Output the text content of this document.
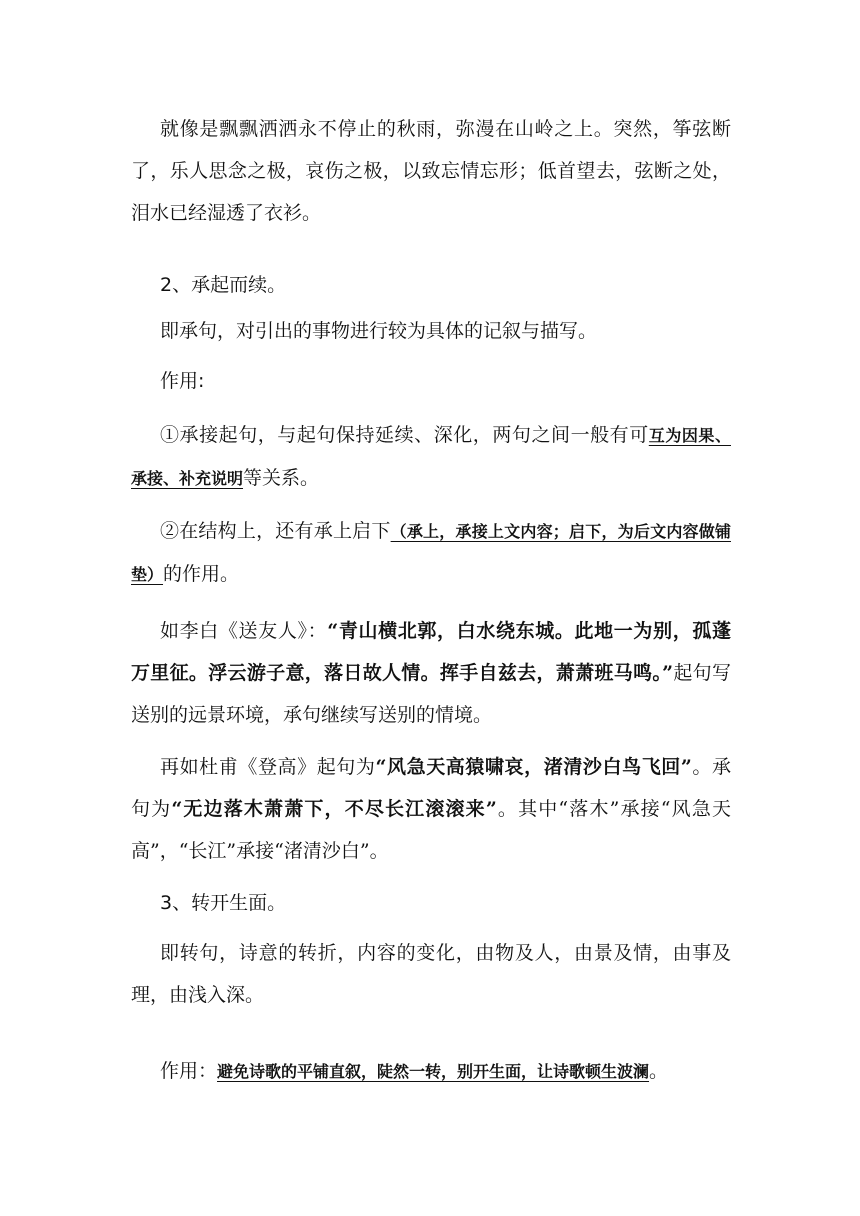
就像是飘飘洒洒永不停止的秋雨，弥漫在山岭之上。突然，筝弦断了，乐人思念之极，哀伤之极，以致忘情忘形；低首望去，弦断之处，泪水已经湿透了衣衫。

2、承起而续。

即承句，对引出的事物进行较为具体的记叙与描写。

作用:

①承接起句，与起句保持延续、深化，两句之间一般有可互为因果、承接、补充说明等关系。

②在结构上，还有承上启下（承上，承接上文内容；启下，为后文内容做铺垫）的作用。

如李白《送友人》：“青山横北郭，白水绕东城。此地一为别，孤蓬万里征。浮云游子意，落日故人情。挥手自兹去，萧萧班马鸣。”起句写送别的远景环境，承句继续写送别的情境。

再如杜甫《登高》起句为“风急天高猿啸哀，渚清沙白鸟飞回”。承句为“无边落木萧萧下，不尽长江滚滚来”。其中“落木”承接“风急天高”，“长江”承接“渚清沙白”。

3、转开生面。

即转句，诗意的转折，内容的变化，由物及人，由景及情，由事及理，由浅入深。

作用：避免诗歌的平铺直叙，陡然一转，别开生面，让诗歌顿生波澜。
